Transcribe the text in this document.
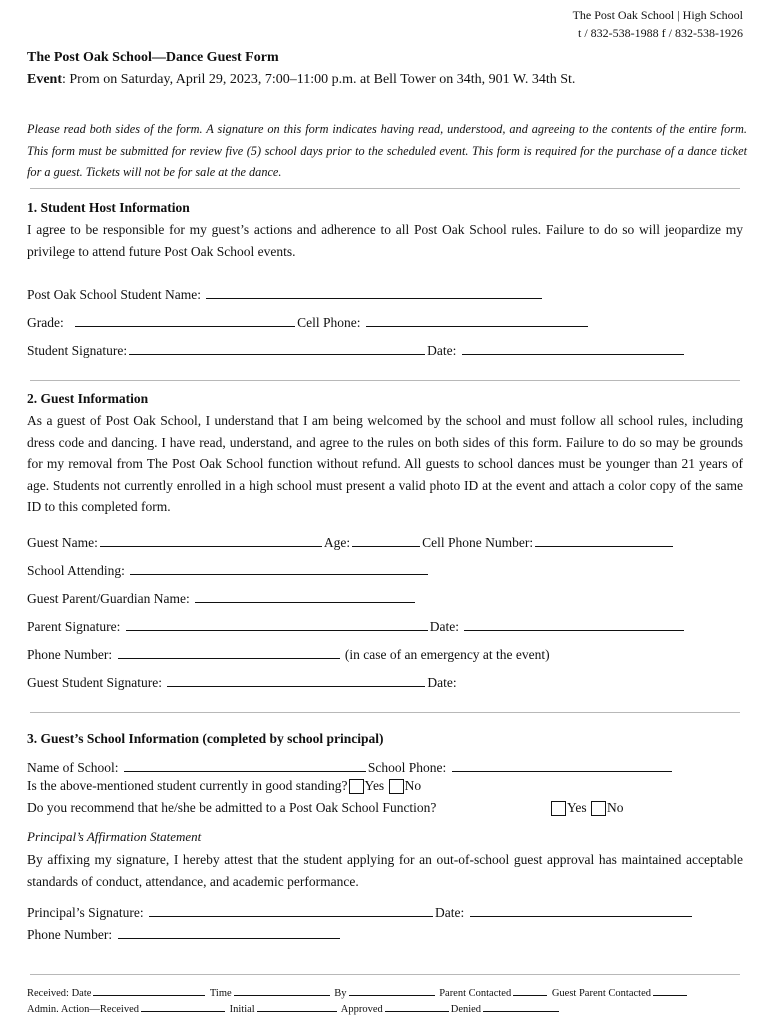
The Post Oak School | High School
t / 832-538-1988 f / 832-538-1926
The Post Oak School—Dance Guest Form
Event: Prom on Saturday, April 29, 2023, 7:00–11:00 p.m. at Bell Tower on 34th, 901 W. 34th St.
Please read both sides of the form. A signature on this form indicates having read, understood, and agreeing to the contents of the entire form. This form must be submitted for review five (5) school days prior to the scheduled event. This form is required for the purchase of a dance ticket for a guest. Tickets will not be for sale at the dance.
1. Student Host Information
I agree to be responsible for my guest’s actions and adherence to all Post Oak School rules. Failure to do so will jeopardize my privilege to attend future Post Oak School events.
Post Oak School Student Name:
Grade:	Cell Phone:
Student Signature:	Date:
2. Guest Information
As a guest of Post Oak School, I understand that I am being welcomed by the school and must follow all school rules, including dress code and dancing. I have read, understand, and agree to the rules on both sides of this form. Failure to do so may be grounds for my removal from The Post Oak School function without refund. All guests to school dances must be younger than 21 years of age. Students not currently enrolled in a high school must present a valid photo ID at the event and attach a color copy of the same ID to this completed form.
Guest Name:	Age:	Cell Phone Number:
School Attending:
Guest Parent/Guardian Name:
Parent Signature:	Date:
Phone Number:	(in case of an emergency at the event)
Guest Student Signature:	Date:
3. Guest’s School Information (completed by school principal)
Name of School:	School Phone:
Is the above-mentioned student currently in good standing? Yes No
Do you recommend that he/she be admitted to a Post Oak School Function?	Yes No
Principal’s Affirmation Statement
By affixing my signature, I hereby attest that the student applying for an out-of-school guest approval has maintained acceptable standards of conduct, attendance, and academic performance.
Principal’s Signature:	Date:
Phone Number:
Received: Date	Time	By	Parent Contacted	Guest Parent Contacted
Admin. Action—Received	Initial	Approved	Denied
